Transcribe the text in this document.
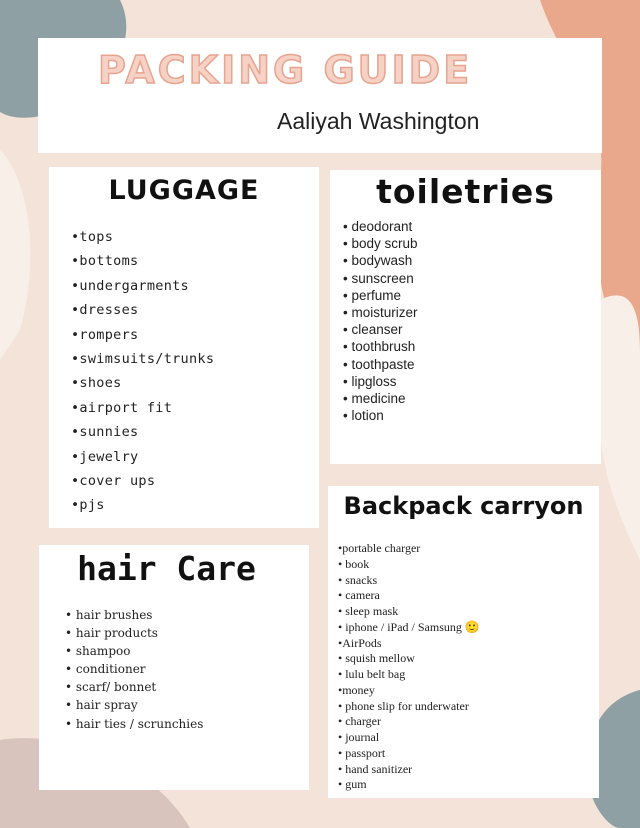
PACKING GUIDE
Aaliyah Washington
LUGGAGE
•tops
•bottoms
•undergarments
•dresses
•rompers
•swimsuits/trunks
•shoes
•airport fit
•sunnies
•jewelry
•cover ups
•pjs
toiletries
• deodorant
• body scrub
• bodywash
• sunscreen
• perfume
• moisturizer
• cleanser
• toothbrush
• toothpaste
• lipgloss
• medicine
• lotion
hair Care
• hair brushes
• hair products
• shampoo
• conditioner
• scarf/ bonnet
• hair spray
• hair ties / scrunchies
Backpack carryon
•portable charger
• book
• snacks
• camera
• sleep mask
• iphone / iPad / Samsung 🙂
•AirPods
• squish mellow
• lulu belt bag
•money
• phone slip for underwater
• charger
• journal
• passport
• hand sanitizer
• gum
